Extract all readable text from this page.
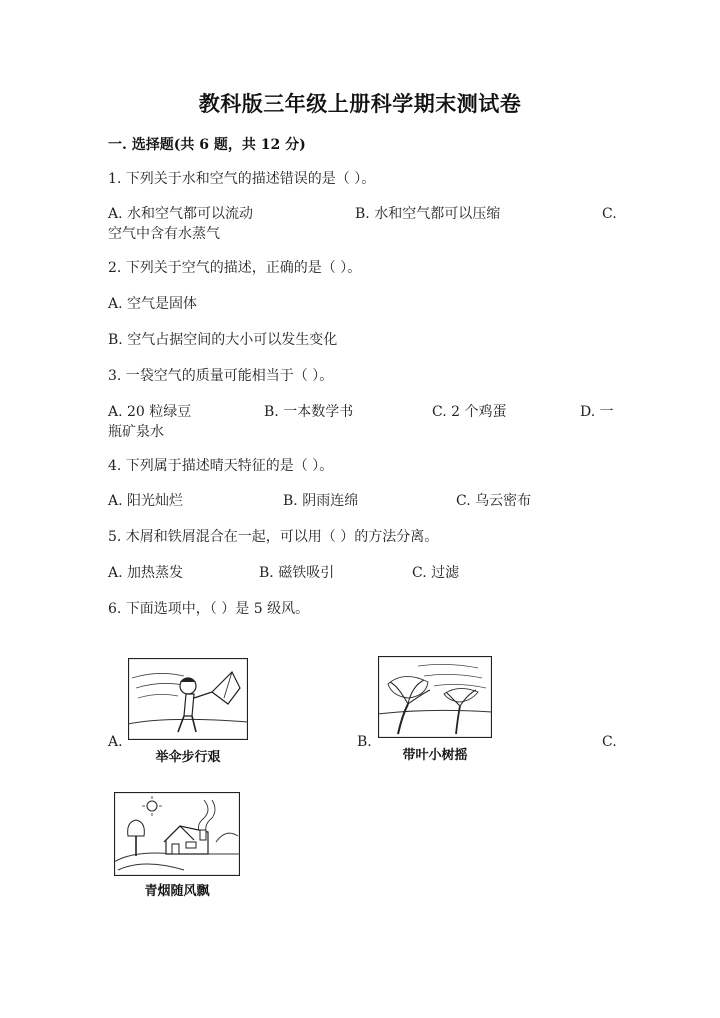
教科版三年级上册科学期末测试卷
一. 选择题(共 6 题，共 12 分)
1. 下列关于水和空气的描述错误的是（ ）。
A. 水和空气都可以流动	B. 水和空气都可以压缩	C.
空气中含有水蒸气
2. 下列关于空气的描述，正确的是（ ）。
A. 空气是固体
B. 空气占据空间的大小可以发生变化
3. 一袋空气的质量可能相当于（ ）。
A. 20 粒绿豆	B. 一本数学书	C. 2 个鸡蛋	D. 一
瓶矿泉水
4. 下列属于描述晴天特征的是（ ）。
A. 阳光灿烂	B. 阴雨连绵	C. 乌云密布
5. 木屑和铁屑混合在一起，可以用（ ）的方法分离。
A. 加热蒸发	B. 磁铁吸引	C. 过滤
6. 下面选项中，（ ）是 5 级风。
A.
举伞步行艰
B.
带叶小树摇
C.
青烟随风飘
